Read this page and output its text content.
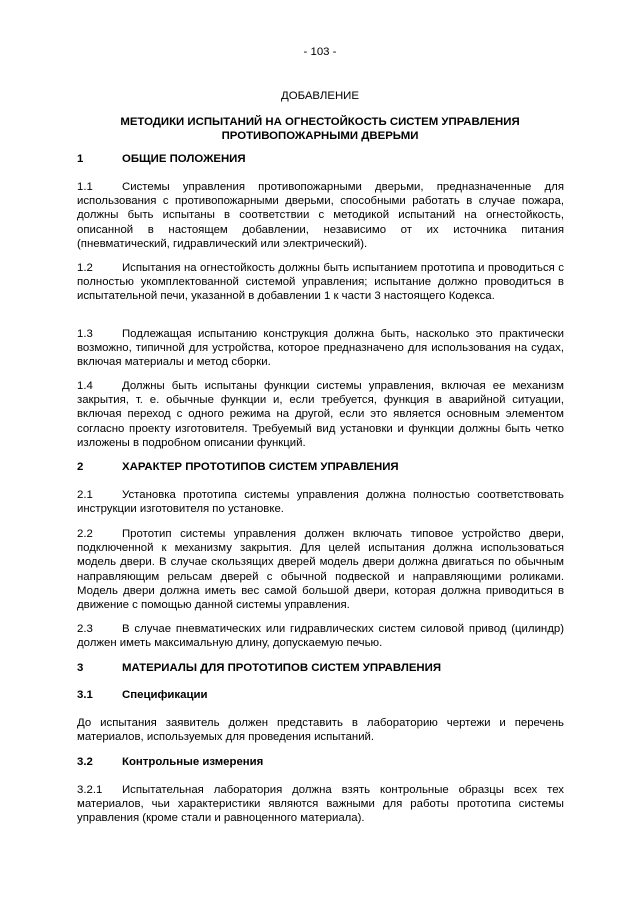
- 103 -
ДОБАВЛЕНИЕ
МЕТОДИКИ ИСПЫТАНИЙ НА ОГНЕСТОЙКОСТЬ СИСТЕМ УПРАВЛЕНИЯ
ПРОТИВОПОЖАРНЫМИ ДВЕРЬМИ
1	ОБЩИЕ ПОЛОЖЕНИЯ
1.1	Системы управления противопожарными дверьми, предназначенные для использования с противопожарными дверьми, способными работать в случае пожара, должны быть испытаны в соответствии с методикой испытаний на огнестойкость, описанной в настоящем добавлении, независимо от их источника питания (пневматический, гидравлический или электрический).
1.2	Испытания на огнестойкость должны быть испытанием прототипа и проводиться с полностью укомплектованной системой управления; испытание должно проводиться в испытательной печи, указанной в добавлении 1 к части 3 настоящего Кодекса.
1.3	Подлежащая испытанию конструкция должна быть, насколько это практически возможно, типичной для устройства, которое предназначено для использования на судах, включая материалы и метод сборки.
1.4	Должны быть испытаны функции системы управления, включая ее механизм закрытия, т. е. обычные функции и, если требуется, функция в аварийной ситуации, включая переход с одного режима на другой, если это является основным элементом согласно проекту изготовителя. Требуемый вид установки и функции должны быть четко изложены в подробном описании функций.
2	ХАРАКТЕР ПРОТОТИПОВ СИСТЕМ УПРАВЛЕНИЯ
2.1	Установка прототипа системы управления должна полностью соответствовать инструкции изготовителя по установке.
2.2	Прототип системы управления должен включать типовое устройство двери, подключенной к механизму закрытия. Для целей испытания должна использоваться модель двери. В случае скользящих дверей модель двери должна двигаться по обычным направляющим рельсам дверей с обычной подвеской и направляющими роликами. Модель двери должна иметь вес самой большой двери, которая должна приводиться в движение с помощью данной системы управления.
2.3	В случае пневматических или гидравлических систем силовой привод (цилиндр) должен иметь максимальную длину, допускаемую печью.
3	МАТЕРИАЛЫ ДЛЯ ПРОТОТИПОВ СИСТЕМ УПРАВЛЕНИЯ
3.1	Спецификации
До испытания заявитель должен представить в лабораторию чертежи и перечень материалов, используемых для проведения испытаний.
3.2	Контрольные измерения
3.2.1 Испытательная лаборатория должна взять контрольные образцы всех тех материалов, чьи характеристики являются важными для работы прототипа системы управления (кроме стали и равноценного материала).
